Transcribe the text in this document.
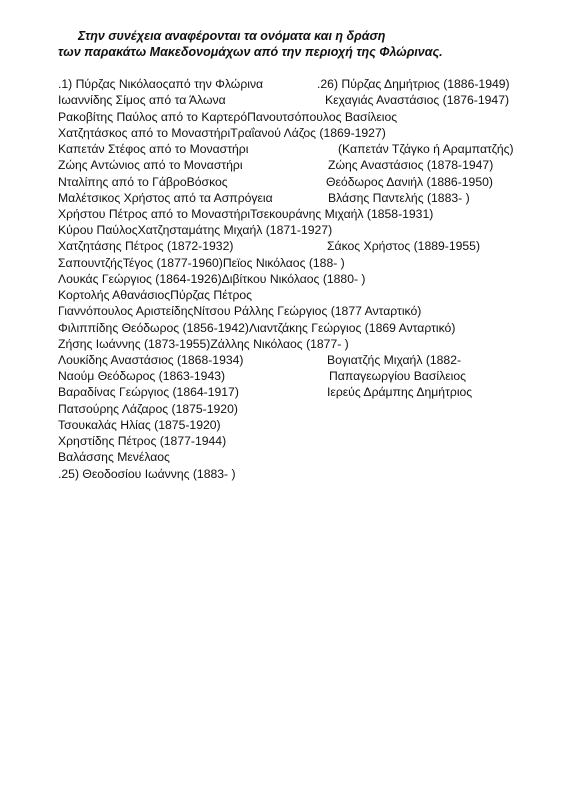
Στην συνέχεια αναφέρονται τα ονόματα και η δράση
των παρακάτω Μακεδονομάχων από την περιοχή της Φλώρινας.
.1) Πύρζας Νικόλαοςαπό την Φλώρινα
Ιωαννίδης Σίμος από τα Άλωνα
Ρακοβίτης Παύλος από το ΚαρτερόΠανουτσόπουλος Βασίλειος
Χατζητάσκος από το ΜοναστήριΤραΐανού Λάζος (1869-1927)
Καπετάν Στέφος από το Μοναστήρι
Ζώης Αντώνιος από το Μοναστήρι
Νταλίπης από το ΓάβροΒόσκος
Μαλέτσικος Χρήστος από τα Ασπρόγεια
Χρήστου Πέτρος από το ΜοναστήριΤσεκουράνης Μιχαήλ (1858-1931)
Κύρου ΠαύλοςΧατζησταμάτης Μιχαήλ (1871-1927)
Χατζητάσης Πέτρος (1872-1932)
ΣαπουντζήςΤέγος (1877-1960)Πεϊος Νικόλαος (188- )
Λουκάς Γεώργιος (1864-1926)Διβίτκου Νικόλαος (1880- )
Κορτολής ΑθανάσιοςΠύρζας Πέτρος
Γιαννόπουλος ΑριστείδηςΝίτσου Ράλλης Γεώργιος (1877 Ανταρτικό)
Φιλιππίδης Θεόδωρος (1856-1942)Λιαντζάκης Γεώργιος (1869 Ανταρτικό)
Ζήσης Ιωάννης (1873-1955)Ζάλλης Νικόλαος (1877- )
Λουκίδης Αναστάσιος (1868-1934)
Ναούμ Θεόδωρος (1863-1943)
Βαραδίνας Γεώργιος (1864-1917)
Πατσούρης Λάζαρος (1875-1920)
Τσουκαλάς Ηλίας (1875-1920)
Χρηστίδης Πέτρος (1877-1944)
Βαλάσσης Μενέλαος
.25) Θεοδοσίου Ιωάννης (1883- )
.26) Πύρζας Δημήτριος (1886-1949)
Κεχαγιάς Αναστάσιος (1876-1947)
(Καπετάν Τζάγκο ή Αραμπατζής)
Ζώης Αναστάσιος (1878-1947)
Θεόδωρος Δανιήλ (1886-1950)
Βλάσης Παντελής (1883- )
Σάκος Χρήστος (1889-1955)
Βογιατζής Μιχαήλ (1882-
Παπαγεωργίου Βασίλειος
Ιερεύς Δράμπης Δημήτριος
